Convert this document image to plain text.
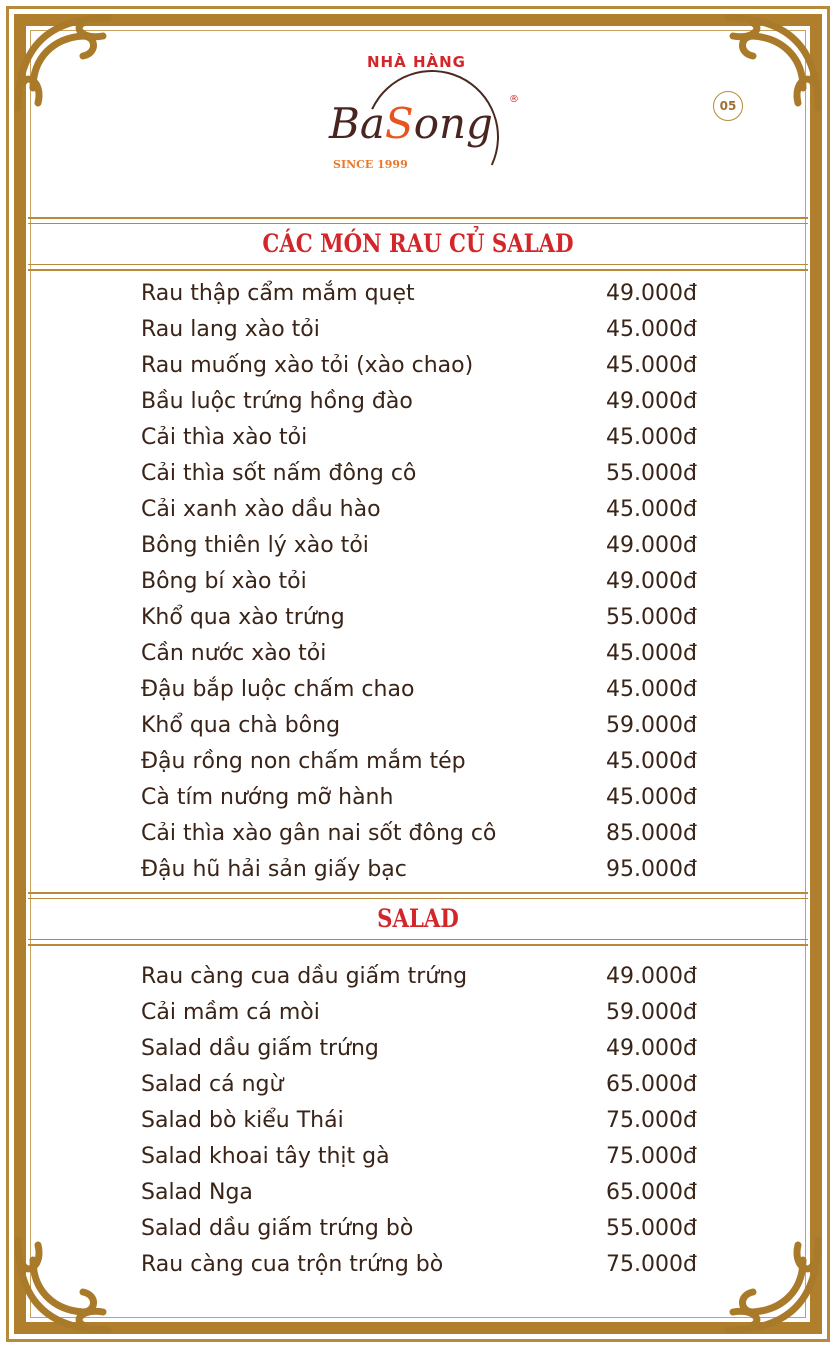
NHÀ HÀNG
BaSong ®
SINCE 1999
05
CÁC MÓN RAU CỦ SALAD
Rau thập cẩm mắm quẹt	49.000đ
Rau lang xào tỏi	45.000đ
Rau muống xào tỏi (xào chao)	45.000đ
Bầu luộc trứng hồng đào	49.000đ
Cải thìa xào tỏi	45.000đ
Cải thìa sốt nấm đông cô	55.000đ
Cải xanh xào dầu hào	45.000đ
Bông thiên lý xào tỏi	49.000đ
Bông bí xào tỏi	49.000đ
Khổ qua xào trứng	55.000đ
Cần nước xào tỏi	45.000đ
Đậu bắp luộc chấm chao	45.000đ
Khổ qua chà bông	59.000đ
Đậu rồng non chấm mắm tép	45.000đ
Cà tím nướng mỡ hành	45.000đ
Cải thìa xào gân nai sốt đông cô	85.000đ
Đậu hũ hải sản giấy bạc	95.000đ
SALAD
Rau càng cua dầu giấm trứng	49.000đ
Cải mầm cá mòi	59.000đ
Salad dầu giấm trứng	49.000đ
Salad cá ngừ	65.000đ
Salad bò kiểu Thái	75.000đ
Salad khoai tây thịt gà	75.000đ
Salad Nga	65.000đ
Salad dầu giấm trứng bò	55.000đ
Rau càng cua trộn trứng bò	75.000đ
